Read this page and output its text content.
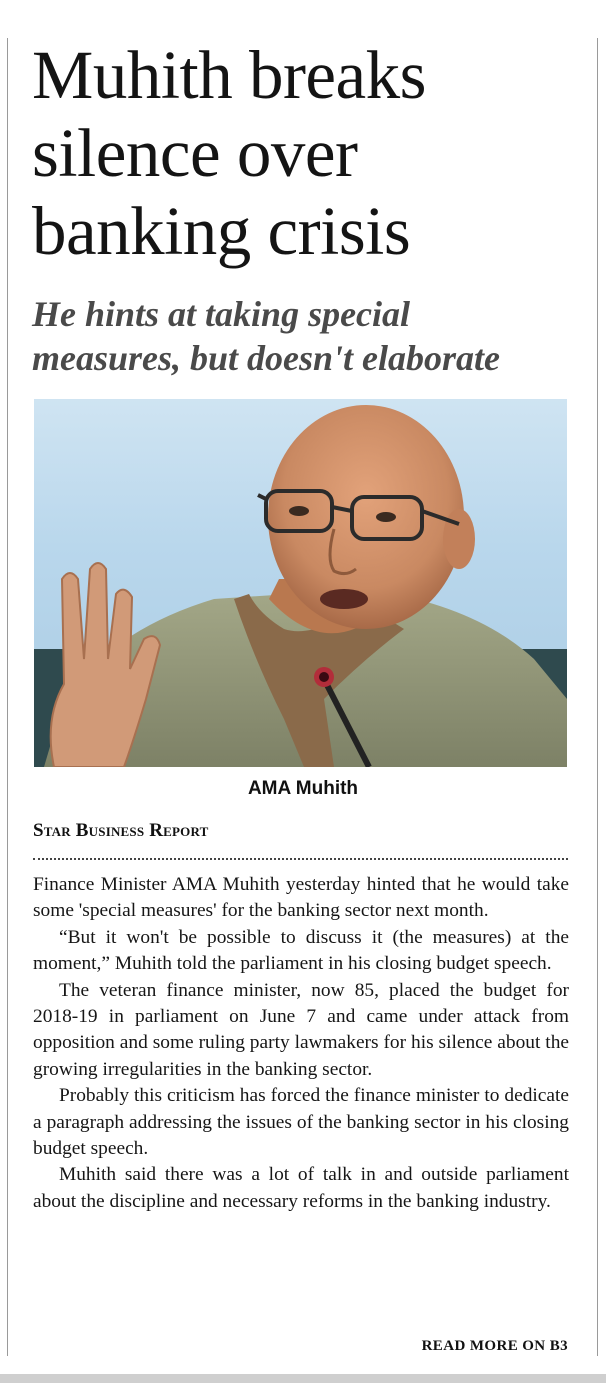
Muhith breaks
silence over
banking crisis
He hints at taking special
measures, but doesn't elaborate
AMA Muhith
Star Business Report

Finance Minister AMA Muhith yesterday hinted that he would take some 'special measures' for the banking sector next month.

“But it won't be possible to discuss it (the measures) at the moment,” Muhith told the parliament in his closing budget speech.

The veteran finance minister, now 85, placed the budget for 2018-19 in parliament on June 7 and came under attack from opposition and some ruling party lawmakers for his silence about the growing irregularities in the banking sector.

Probably this criticism has forced the finance minister to dedicate a paragraph addressing the issues of the banking sector in his closing budget speech.

Muhith said there was a lot of talk in and outside parliament about the discipline and necessary reforms in the banking industry.

READ MORE ON B3
